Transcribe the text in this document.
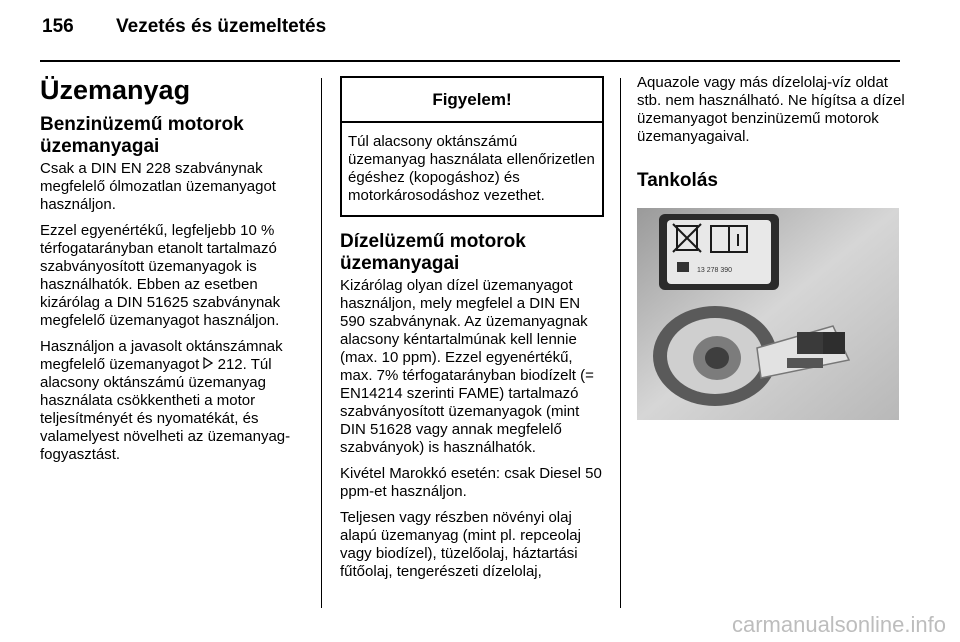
156 Vezetés és üzemeltetés
Üzemanyag
Benzinüzemű motorok üzemanyagai

Csak a DIN EN 228 szabványnak megfelelő ólmozatlan üzemanyagot használjon.

Ezzel egyenértékű, legfeljebb 10 % térfogatarányban etanolt tartalmazó szabványosított üzemanyagok is használhatók. Ebben az esetben kizárólag a DIN 51625 szabványnak megfelelő üzemanyagot használjon.

Használjon a javasolt oktánszámnak megfelelő üzemanyagot 212. Túl alacsony oktánszámú üzemanyag használata csökkentheti a motor teljesítményét és nyomatékát, és valamelyest növelheti az üzemanyag-fogyasztást.

Figyelem!
Túl alacsony oktánszámú üzemanyag használata ellenőrizetlen égéshez (kopogáshoz) és motorkárosodáshoz vezethet.
Dízelüzemű motorok üzemanyagai

Kizárólag olyan dízel üzemanyagot használjon, mely megfelel a DIN EN 590 szabványnak. Az üzemanyagnak alacsony kéntartalmúnak kell lennie (max. 10 ppm). Ezzel egyenértékű, max. 7% térfogatarányban biodízelt (= EN14214 szerinti FAME) tartalmazó szabványosított üzemanyagok (mint DIN 51628 vagy annak megfelelő szabványok) is használhatók.

Kivétel Marokkó esetén: csak Diesel 50 ppm-et használjon.

Teljesen vagy részben növényi olaj alapú üzemanyag (mint pl. repceolaj vagy biodízel), tüzelőolaj, háztartási fűtőolaj, tengerészeti dízelolaj,

Aquazole vagy más dízelolaj-víz oldat stb. nem használható. Ne hígítsa a dízel üzemanyagot benzinüzemű motorok üzemanyagaival.

Tankolás
13 278 390
carmanualsonline.info
